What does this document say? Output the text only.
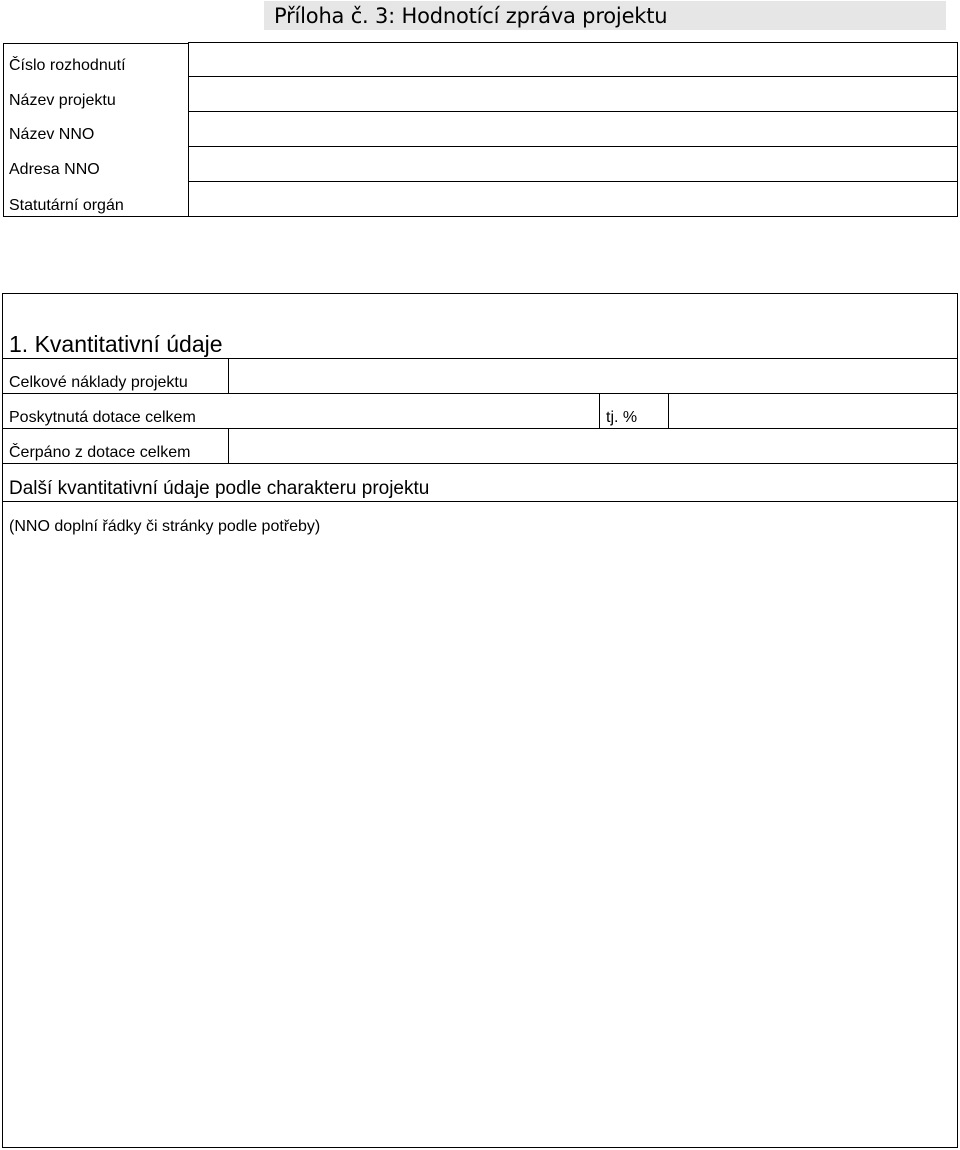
Příloha č. 3: Hodnotící zpráva projektu
Číslo rozhodnutí
Název projektu
Název NNO
Adresa NNO
Statutární orgán
1. Kvantitativní údaje
Celkové náklady projektu
Poskytnutá dotace celkem	tj. %
Čerpáno z dotace celkem
Další kvantitativní údaje podle charakteru projektu
(NNO doplní řádky či stránky podle potřeby)
